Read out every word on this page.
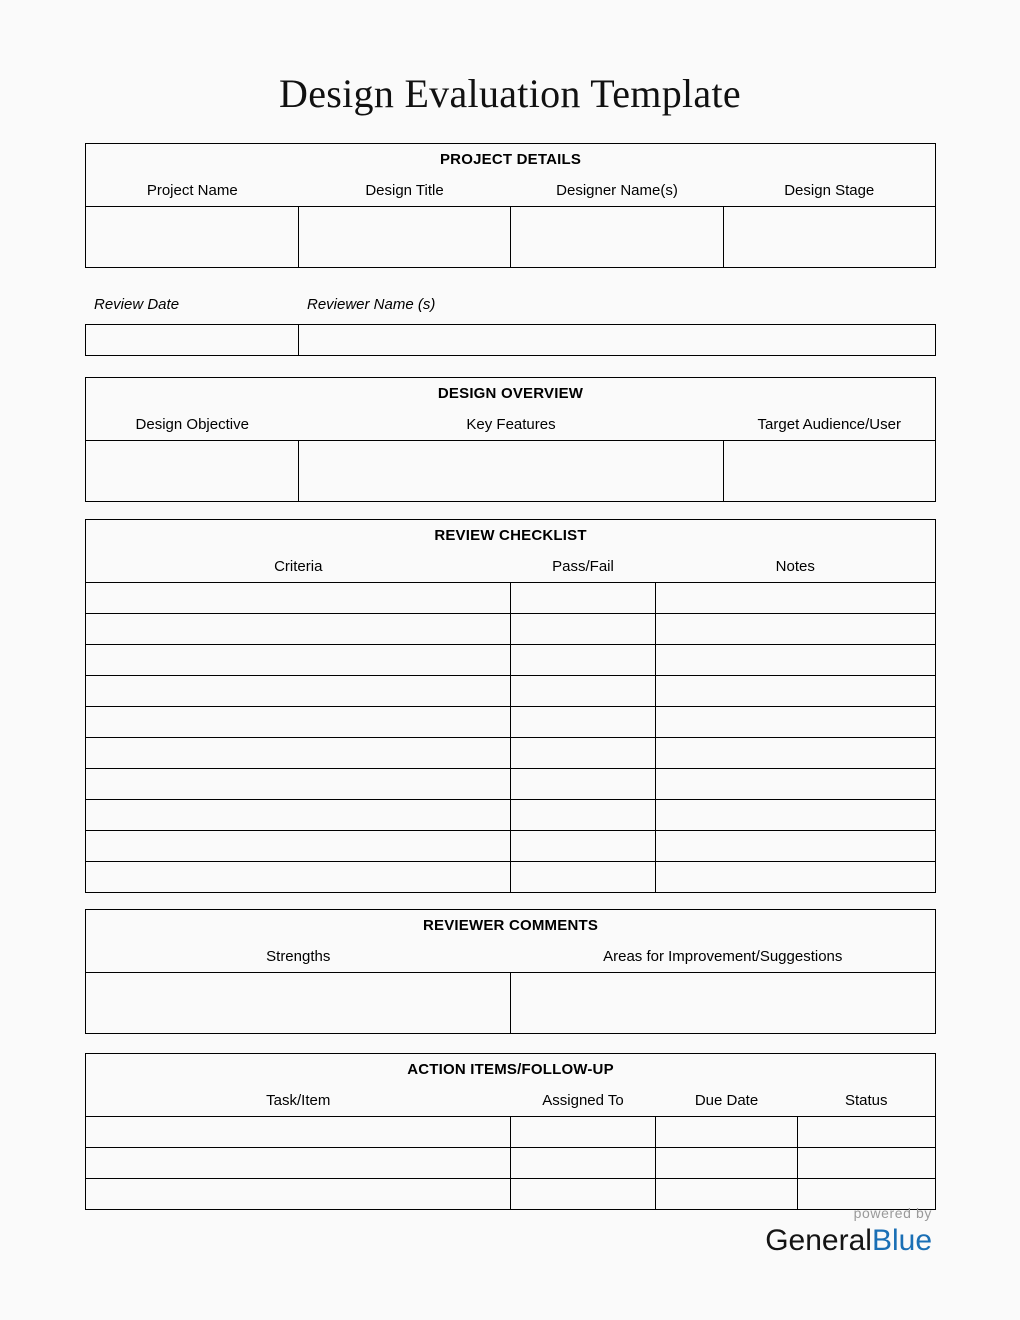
Design Evaluation Template
PROJECT DETAILS			
Project Name	Design Title	Designer Name(s)	Design Stage

Review Date	Reviewer Name (s)

DESIGN OVERVIEW		
Design Objective	Key Features	Target Audience/User

REVIEW CHECKLIST		
Criteria	Pass/Fail	Notes

REVIEWER COMMENTS	
Strengths	Areas for Improvement/Suggestions

ACTION ITEMS/FOLLOW-UP			
Task/Item	Assigned To	Due Date	Status

powered by
GeneralBlue
